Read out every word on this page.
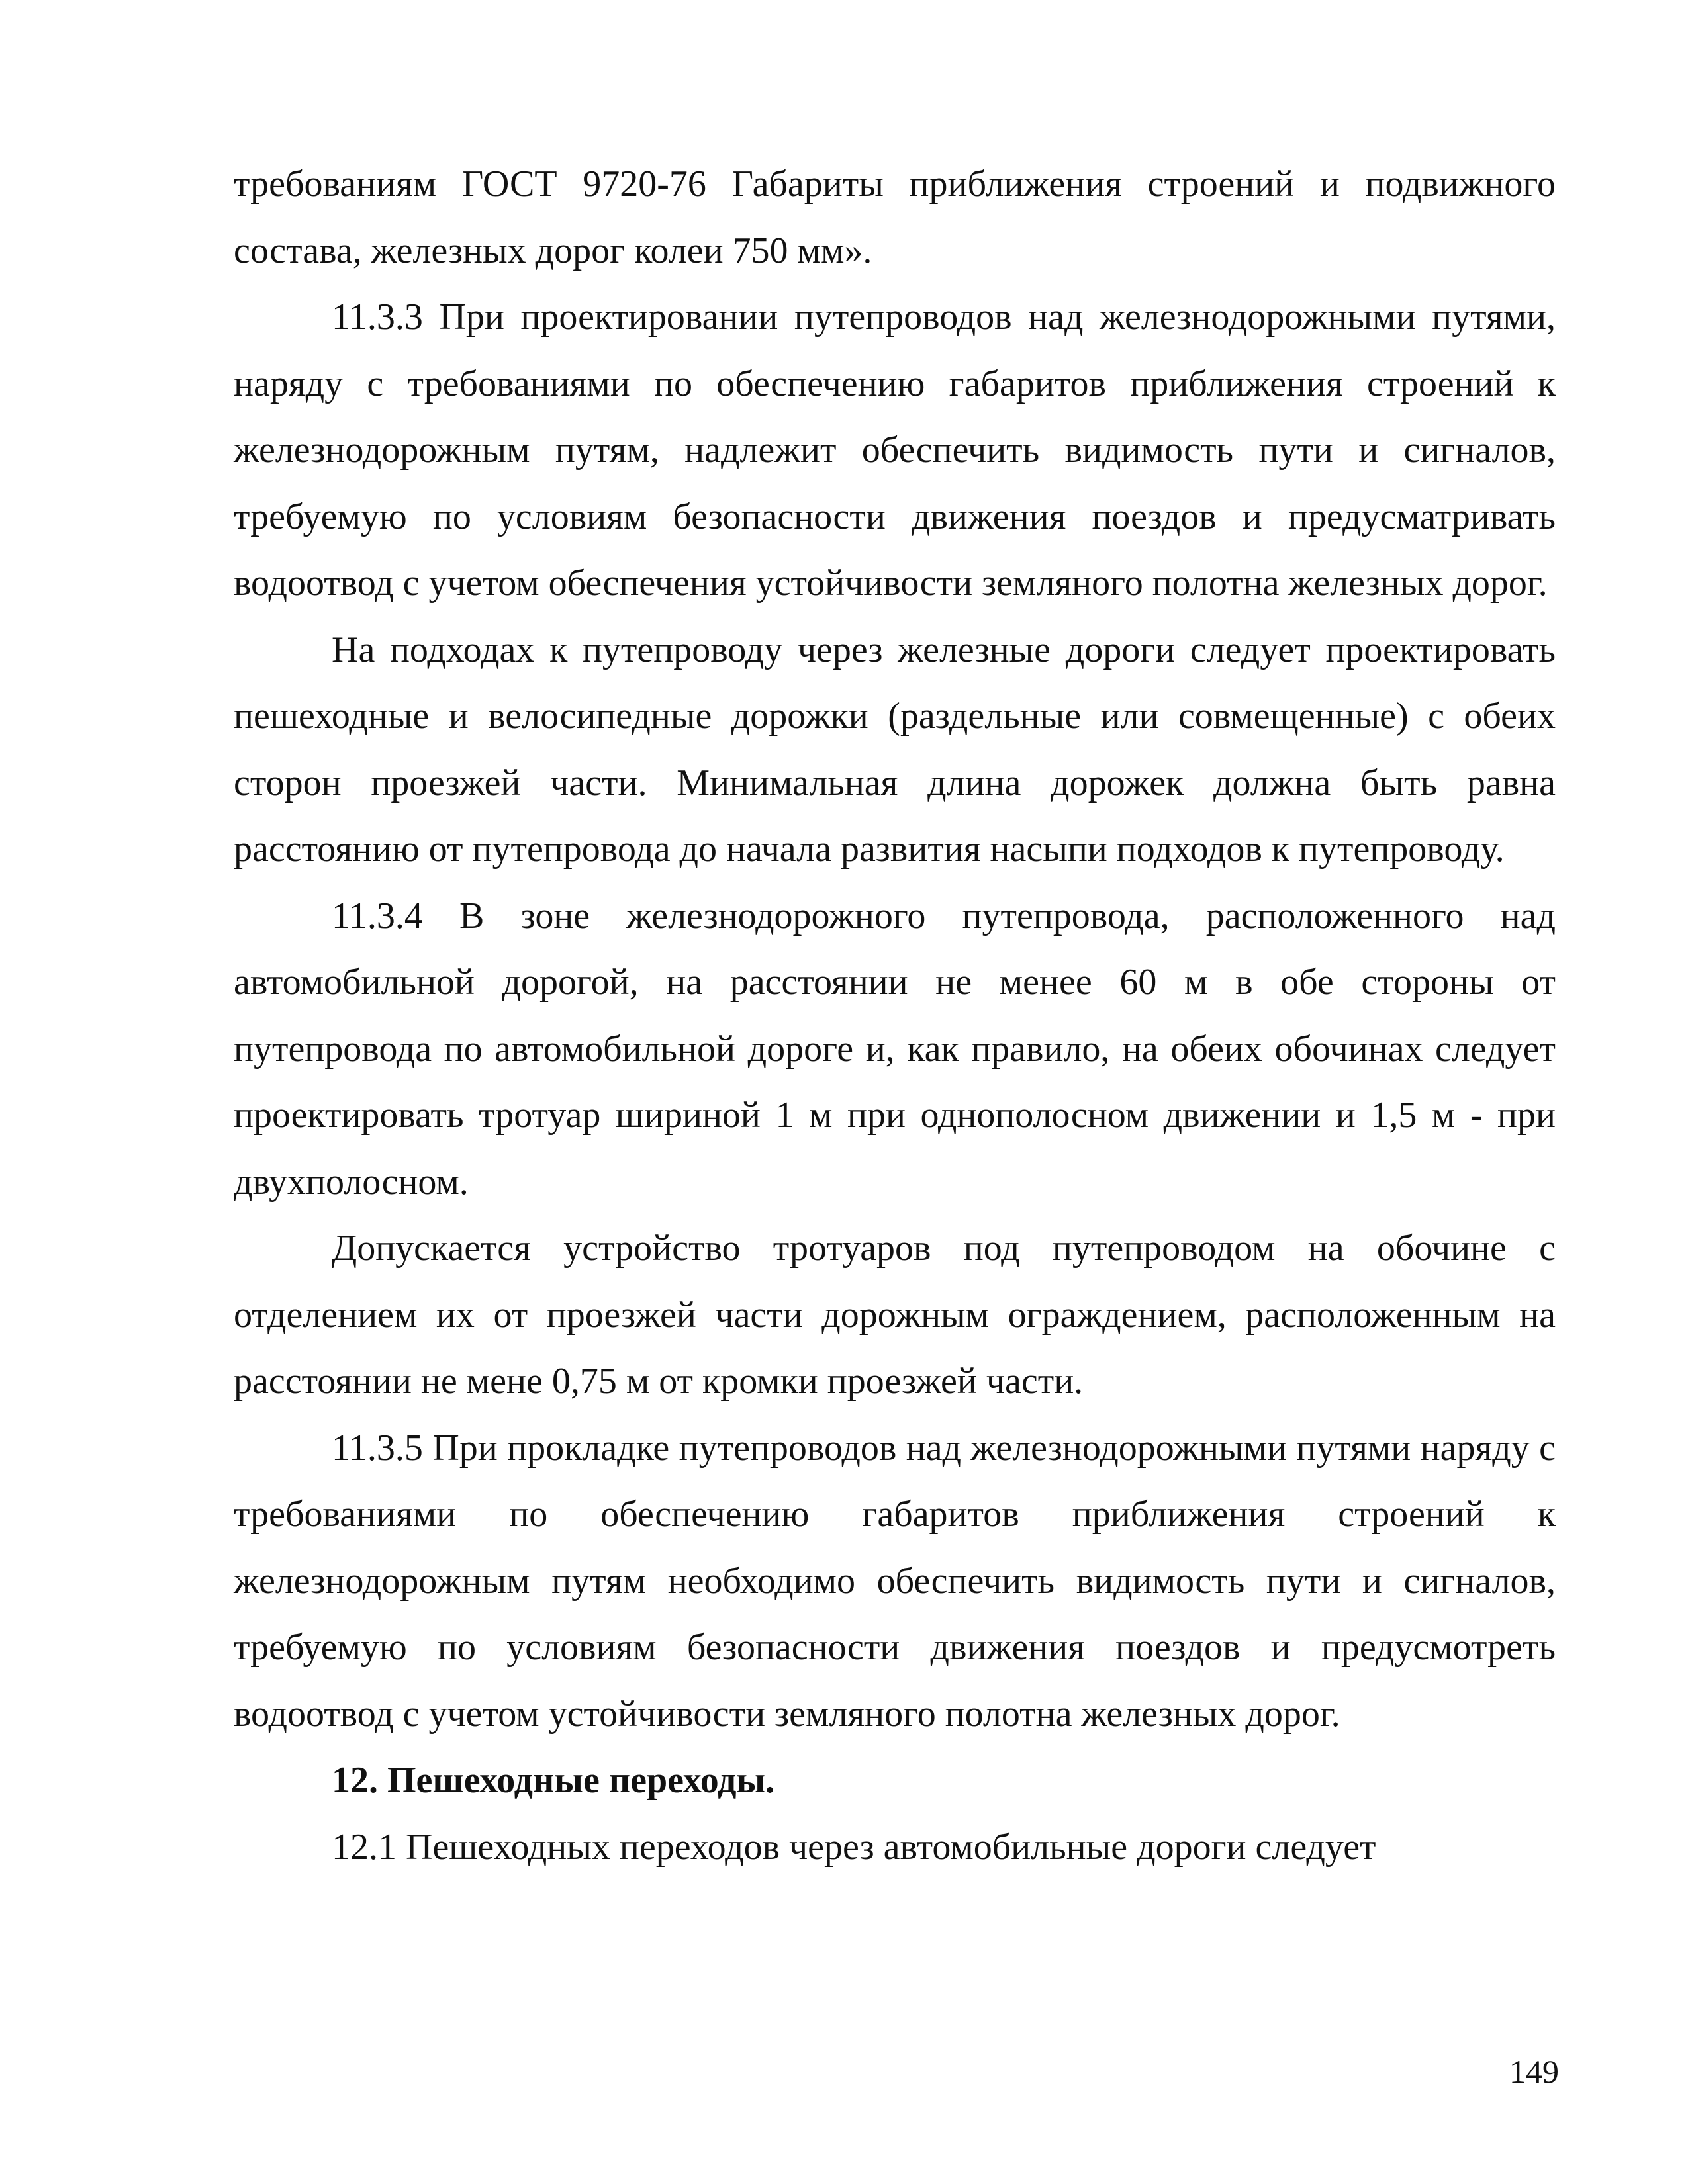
требованиям ГОСТ 9720-76 Габариты приближения строений и подвижного состава, железных дорог колеи 750 мм».

11.3.3 При проектировании путепроводов над железнодорожными путями, наряду с требованиями по обеспечению габаритов приближения строений к железнодорожным путям, надлежит обеспечить видимость пути и сигналов, требуемую по условиям безопасности движения поездов и предусматривать водоотвод с учетом обеспечения устойчивости земляного полотна железных дорог.

На подходах к путепроводу через железные дороги следует проектировать пешеходные и велосипедные дорожки (раздельные или совмещенные) с обеих сторон проезжей части. Минимальная длина дорожек должна быть равна расстоянию от путепровода до начала развития насыпи подходов к путепроводу.

11.3.4 В зоне железнодорожного путепровода, расположенного над автомобильной дорогой, на расстоянии не менее 60 м в обе стороны от путепровода по автомобильной дороге и, как правило, на обеих обочинах следует проектировать тротуар шириной 1 м при однополосном движении и 1,5 м - при двухполосном.

Допускается устройство тротуаров под путепроводом на обочине с отделением их от проезжей части дорожным ограждением, расположенным на расстоянии не мене 0,75 м от кромки проезжей части.

11.3.5 При прокладке путепроводов над железнодорожными путями наряду с требованиями по обеспечению габаритов приближения строений к железнодорожным путям необходимо обеспечить видимость пути и сигналов, требуемую по условиям безопасности движения поездов и предусмотреть водоотвод с учетом устойчивости земляного полотна железных дорог.

12. Пешеходные переходы.

12.1 Пешеходных переходов через автомобильные дороги следует

149
